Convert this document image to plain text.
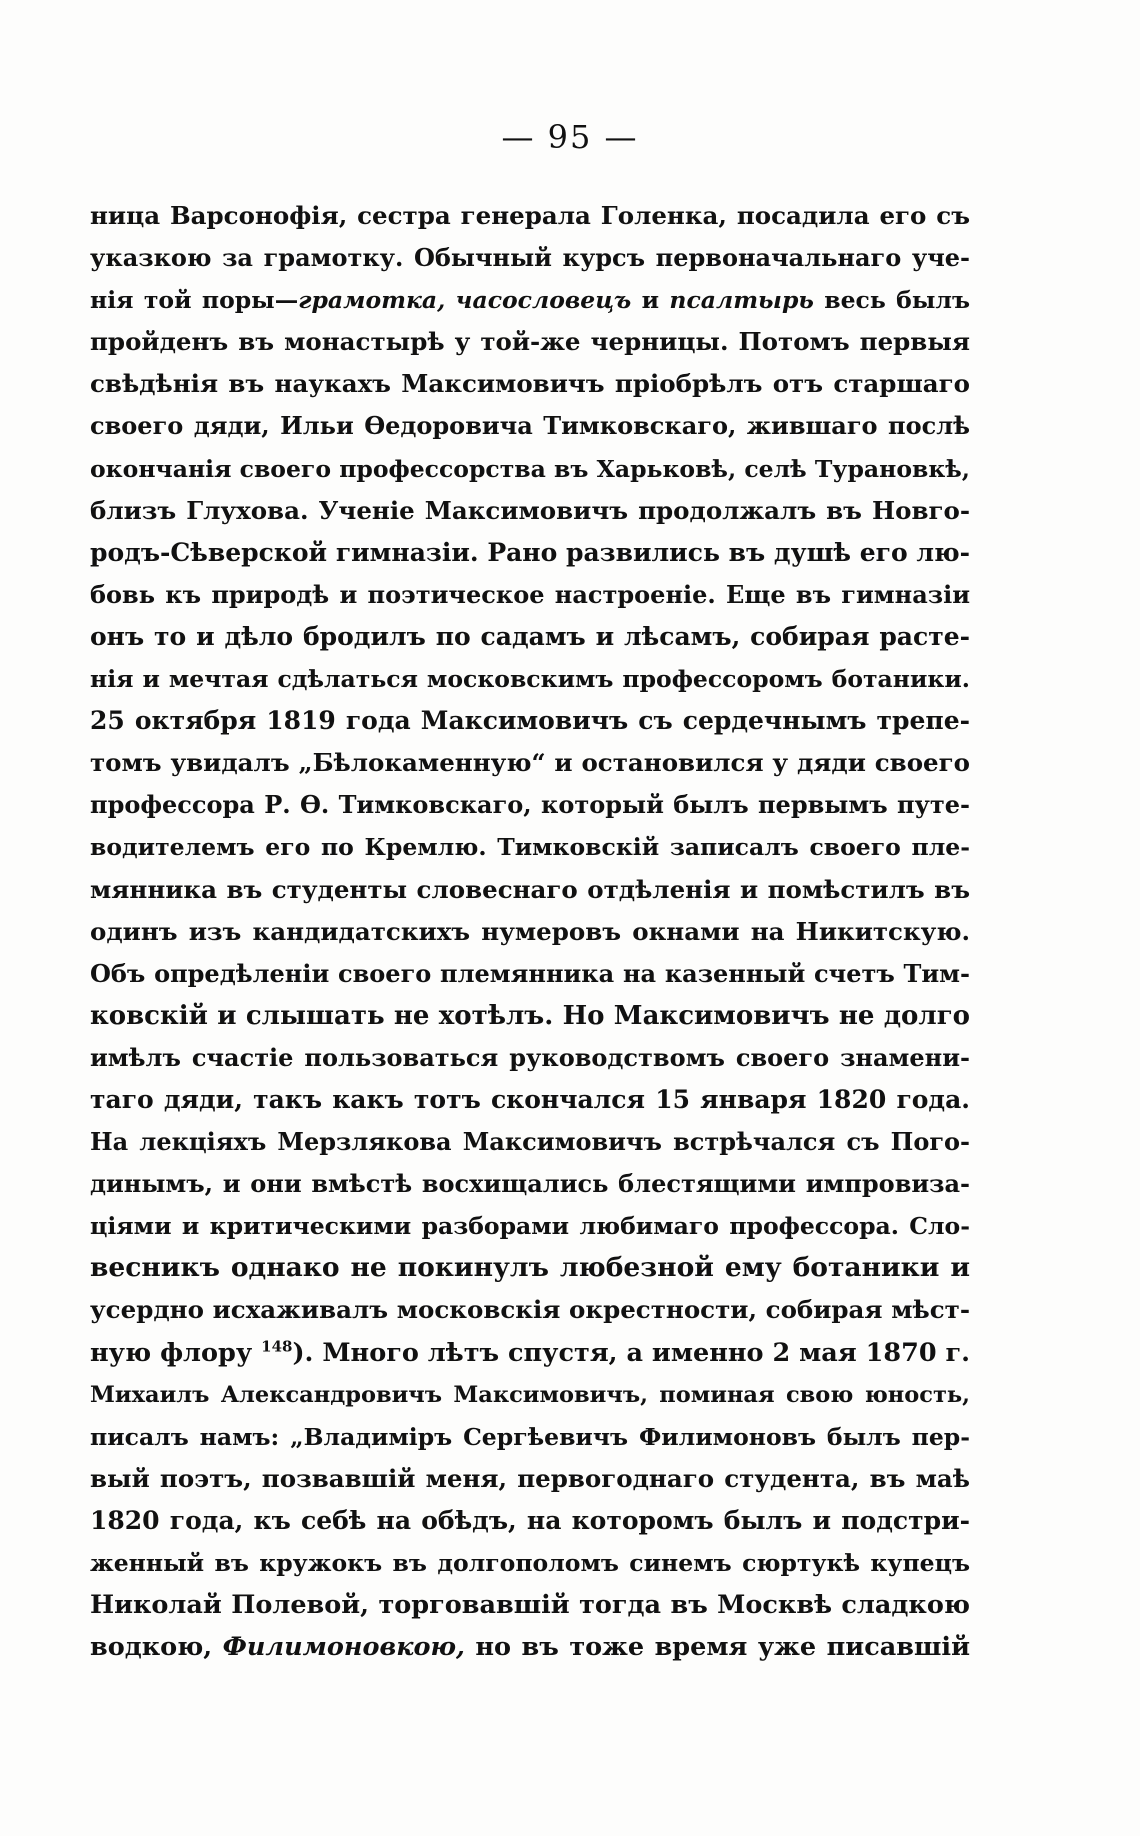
— 95 —
ница Варсонофія, сестра генерала Голенка, посадила его съ
указкою за грамотку. Обычный курсъ первоначальнаго уче-
нія той поры—грамотка, часословецъ и псалтырь весь былъ
пройденъ въ монастырѣ у той-же черницы. Потомъ первыя
свѣдѣнія въ наукахъ Максимовичъ пріобрѣлъ отъ старшаго
своего дяди, Ильи Ѳедоровича Тимковскаго, жившаго послѣ
окончанія своего профессорства въ Харьковѣ, селѣ Турановкѣ,
близъ Глухова. Ученіе Максимовичъ продолжалъ въ Новго-
родъ-Сѣверской гимназіи. Рано развились въ душѣ его лю-
бовь къ природѣ и поэтическое настроеніе. Еще въ гимназіи
онъ то и дѣло бродилъ по садамъ и лѣсамъ, собирая расте-
нія и мечтая сдѣлаться московскимъ профессоромъ ботаники.
25 октября 1819 года Максимовичъ съ сердечнымъ трепе-
томъ увидалъ „Бѣлокаменную“ и остановился у дяди своего
профессора Р. Ѳ. Тимковскаго, который былъ первымъ путе-
водителемъ его по Кремлю. Тимковскій записалъ своего пле-
мянника въ студенты словеснаго отдѣленія и помѣстилъ въ
одинъ изъ кандидатскихъ нумеровъ окнами на Никитскую.
Объ опредѣленіи своего племянника на казенный счетъ Тим-
ковскій и слышать не хотѣлъ. Но Максимовичъ не долго
имѣлъ счастіе пользоваться руководствомъ своего знамени-
таго дяди, такъ какъ тотъ скончался 15 января 1820 года.
На лекціяхъ Мерзлякова Максимовичъ встрѣчался съ Пого-
динымъ, и они вмѣстѣ восхищались блестящими импровиза-
ціями и критическими разборами любимаго профессора. Сло-
весникъ однако не покинулъ любезной ему ботаники и
усердно исхаживалъ московскія окрестности, собирая мѣст-
ную флору $^{148}$). Много лѣтъ спустя, а именно 2 мая 1870 г.
Михаилъ Александровичъ Максимовичъ, поминая свою юность,
писалъ намъ: „Владиміръ Сергѣевичъ Филимоновъ былъ пер-
вый поэтъ, позвавшій меня, первогоднаго студента, въ маѣ
1820 года, къ себѣ на обѣдъ, на которомъ былъ и подстри-
женный въ кружокъ въ долгополомъ синемъ сюртукѣ купецъ
Николай Полевой, торговавшій тогда въ Москвѣ сладкою
водкою, Филимоновкою, но въ тоже время уже писавшій
